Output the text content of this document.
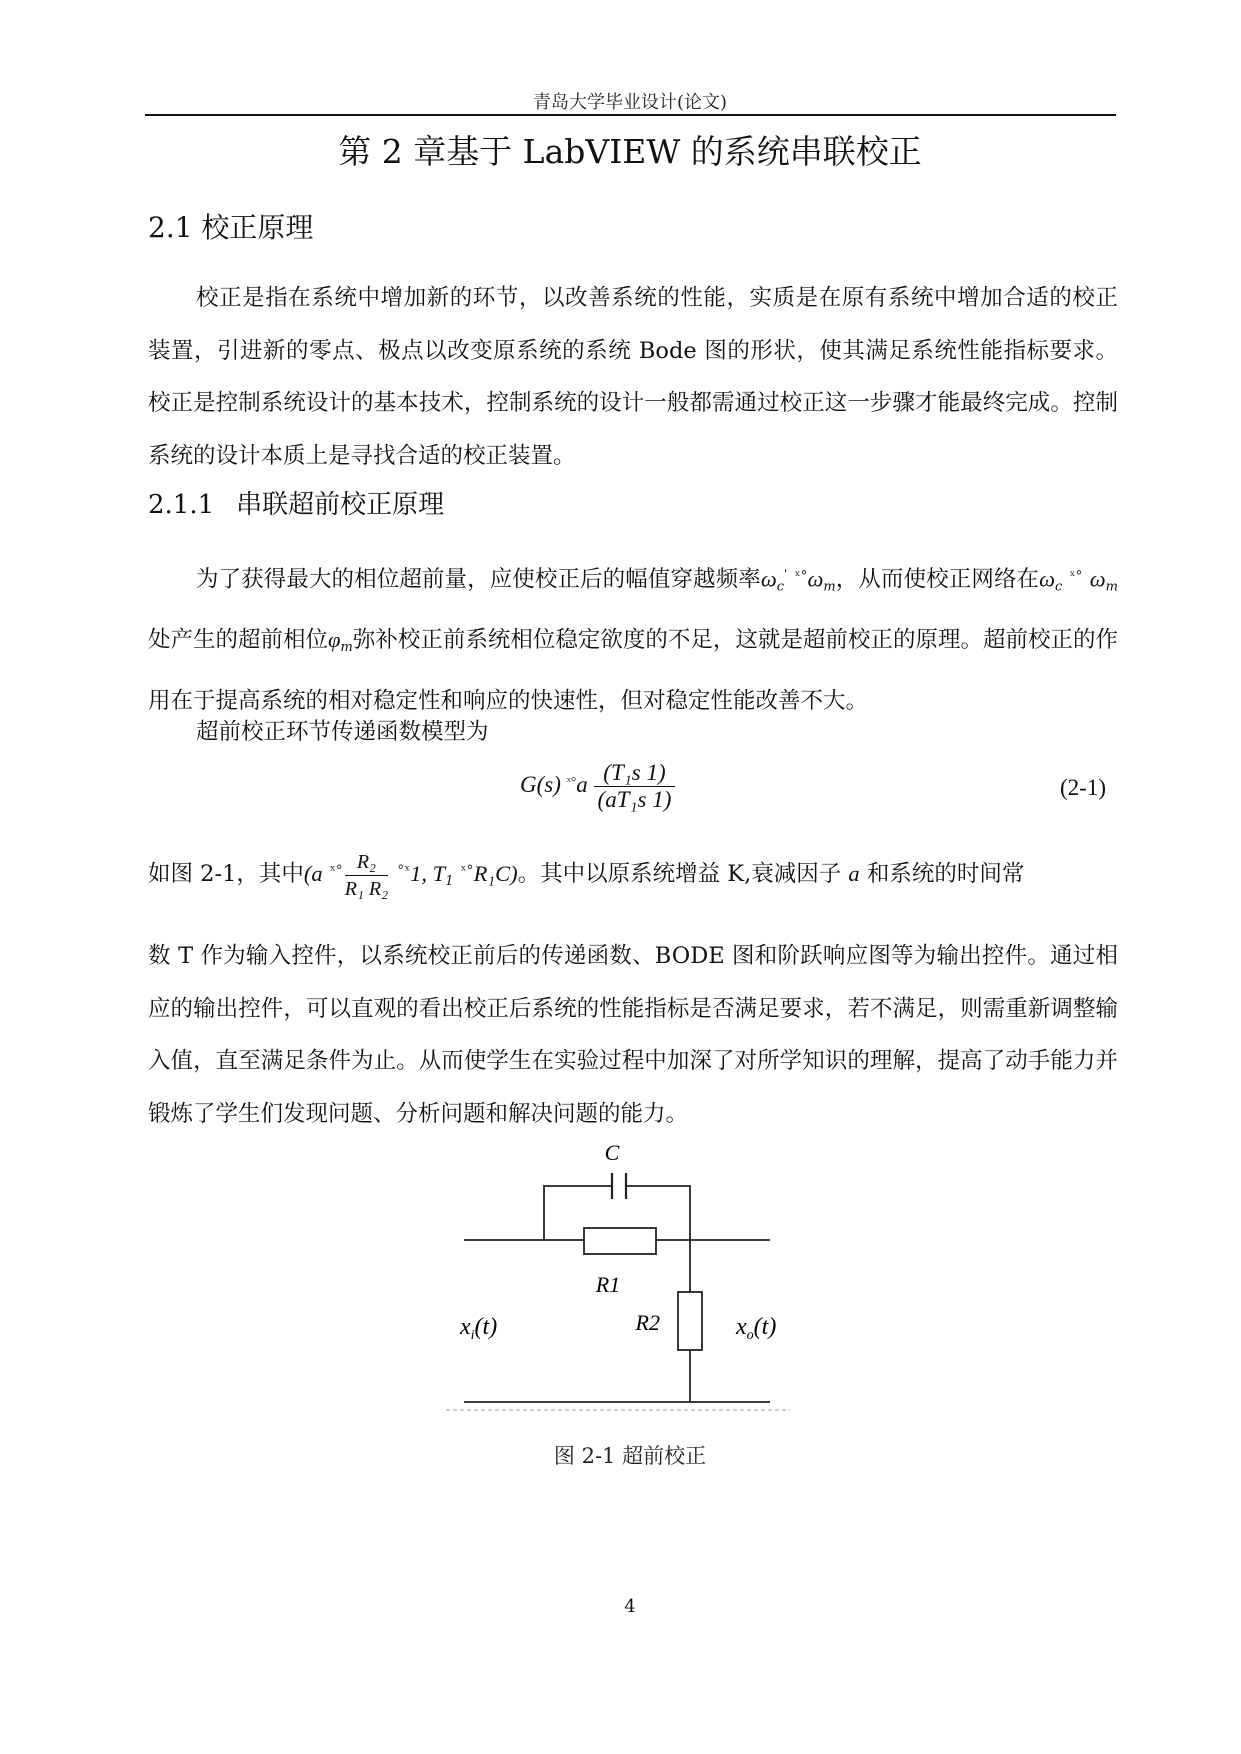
青岛大学毕业设计(论文)
第 2 章基于 LabVIEW 的系统串联校正
2.1 校正原理
校正是指在系统中增加新的环节，以改善系统的性能，实质是在原有系统中增加合适的校正装置，引进新的零点、极点以改变原系统的系统 Bode 图的形状，使其满足系统性能指标要求。校正是控制系统设计的基本技术，控制系统的设计一般都需通过校正这一步骤才能最终完成。控制系统的设计本质上是寻找合适的校正装置。
2.1.1 串联超前校正原理
为了获得最大的相位超前量，应使校正后的幅值穿越频率$\omega_c'$ $^{ˣ^\circ}\omega_m$，从而使校正网络在$\omega_c$ $^{ˣ^\circ}$ $\omega_m$ 处产生的超前相位$\varphi_m$弥补校正前系统相位稳定欲度的不足，这就是超前校正的原理。超前校正的作用在于提高系统的相对稳定性和响应的快速性，但对稳定性能改善不大。
超前校正环节传递函数模型为
G(s) $^{ˣ^\circ}a \frac{\text{(T₁s 1)}}{\text{(aT₁s 1)}}$	(2-1)
如图 2-1，其中(a $^{ˣ^\circ} \frac{\text{R₂}}{\text{R₁ R₂}} ^{^\circ ˣ}1$, $T_1$ $^{ˣ^\circ}$R₁C)。其中以原系统增益 K,衰减因子 a 和系统的时间常
数 T 作为输入控件，以系统校正前后的传递函数、BODE 图和阶跃响应图等为输出控件。通过相应的输出控件，可以直观的看出校正后系统的性能指标是否满足要求，若不满足，则需重新调整输入值，直至满足条件为止。从而使学生在实验过程中加深了对所学知识的理解，提高了动手能力并锻炼了学生们发现问题、分析问题和解决问题的能力。
C
R1
R2
$x_i(t)$	$x_o(t)$
图 2-1 超前校正
4
